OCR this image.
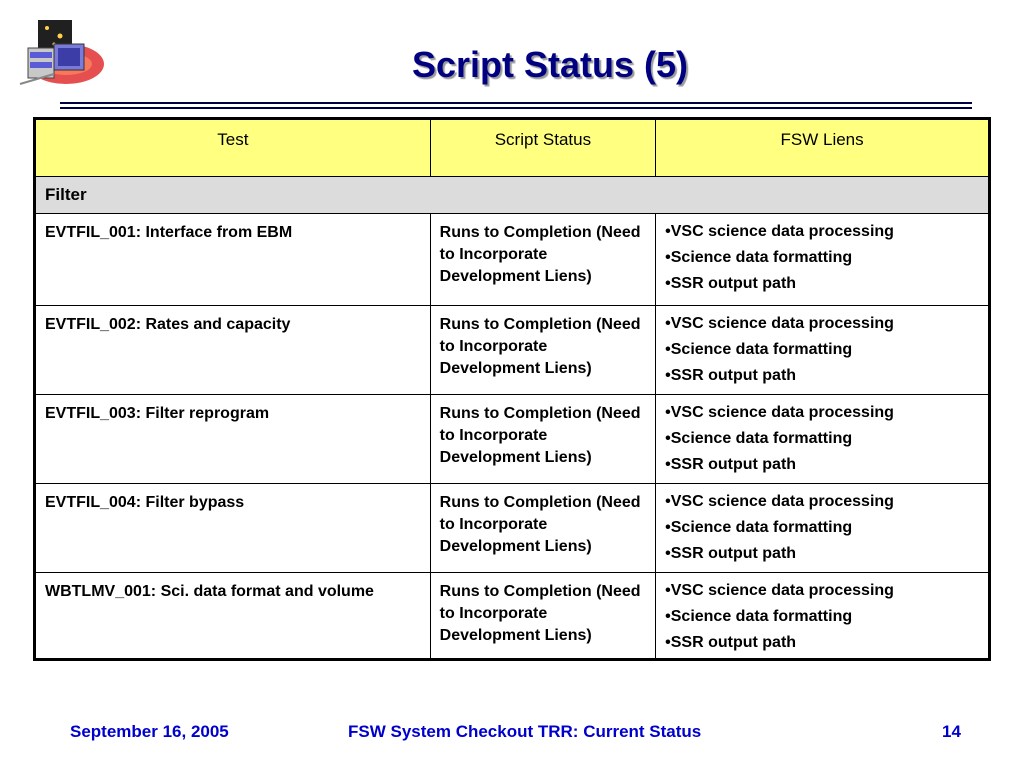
Script Status (5)
Test	Script Status	FSW Liens
Filter		

EVTFIL_001: Interface from EBM	Runs to Completion (Need to Incorporate Development Liens)	•VSC science data processing
•Science data formatting
•SSR output path

EVTFIL_002: Rates and capacity	Runs to Completion (Need to Incorporate Development Liens)	•VSC science data processing
•Science data formatting
•SSR output path

EVTFIL_003: Filter reprogram	Runs to Completion (Need to Incorporate Development Liens)	•VSC science data processing
•Science data formatting
•SSR output path

EVTFIL_004: Filter bypass	Runs to Completion (Need to Incorporate Development Liens)	•VSC science data processing
•Science data formatting
•SSR output path

WBTLMV_001: Sci. data format and volume	Runs to Completion (Need to Incorporate Development Liens)	•VSC science data processing
•Science data formatting
•SSR output path
September 16, 2005	FSW System Checkout TRR: Current Status	14
